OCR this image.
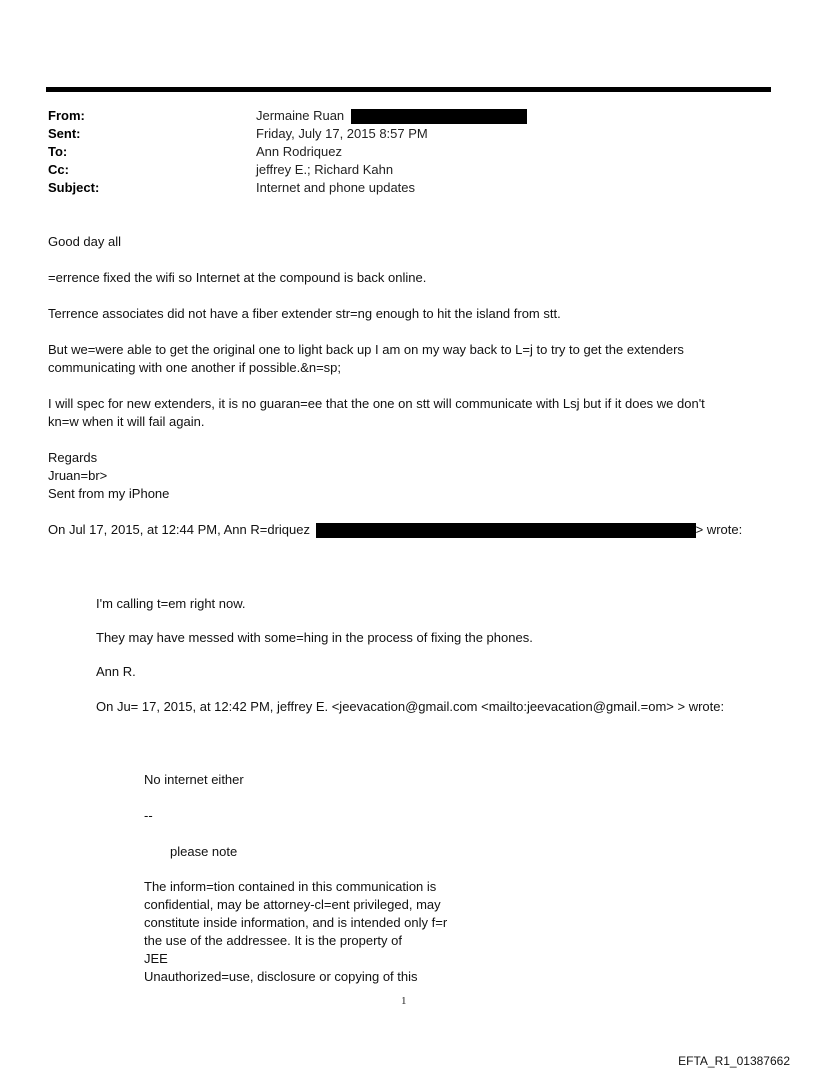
From:	Jermaine Ruan
Sent:	Friday, July 17, 2015 8:57 PM
To:	Ann Rodriquez
Cc:	jeffrey E.; Richard Kahn
Subject:	Internet and phone updates
Good day all
=errence fixed the wifi so Internet at the compound is back online.
Terrence associates did not have a fiber extender str=ng enough to hit the island from stt.
But we=were able to get the original one to light back up I am on my way back to L=j to try to get the extenders
communicating with one another if possible.&n=sp;
I will spec for new extenders, it is no guaran=ee that the one on stt will communicate with Lsj but if it does we don't
kn=w when it will fail again.
Regards
Jruan=br>
Sent from my iPhone
On Jul 17, 2015, at 12:44 PM, Ann R=driquez	> wrote:
I'm calling t=em right now.
They may have messed with some=hing in the process of fixing the phones.
Ann R.
On Ju= 17, 2015, at 12:42 PM, jeffrey E. <jeevacation@gmail.com <mailto:jeevacation@gmail.=om> > wrote:
No internet either
--
please note
The inform=tion contained in this communication is
confidential, may be attorney-cl=ent privileged, may
constitute inside information, and is intended only f=r
the use of the addressee. It is the property of
JEE
Unauthorized=use, disclosure or copying of this
1
EFTA_R1_01387662
